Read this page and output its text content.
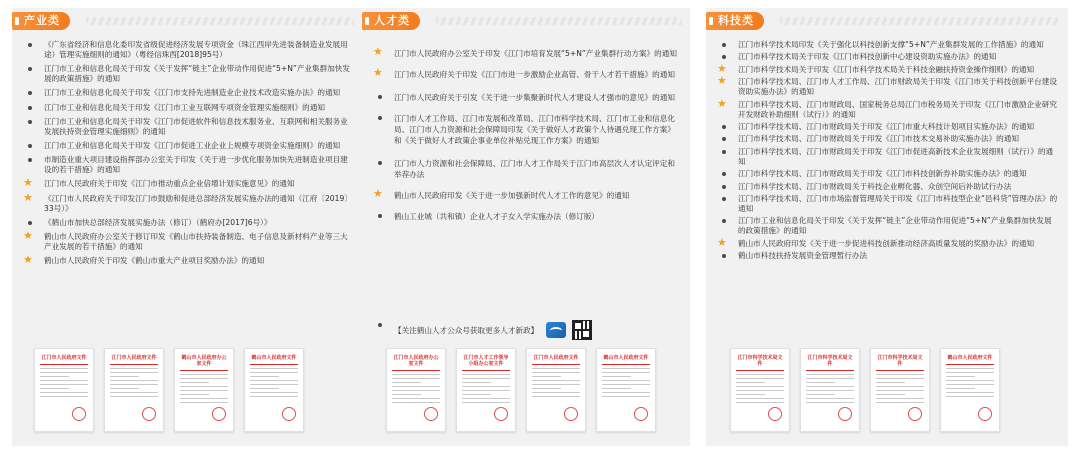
产业类
《广东省经济和信息化委印发省级促进经济发展专项资金（珠江西岸先进装备制造业发展用途）管理实施细则的通知》（粤经信珠西[2018]95号）
江门市工业和信息化局关于印发《关于发挥“链主”企业带动作用促进“5+N”产业集群加快发展的政策措施》的通知
江门市工业和信息化局关于印发《江门市支持先进制造业企业技术改造实施办法》的通知
江门市工业和信息化局关于印发《江门市工业互联网专项资金管理实施细则》的通知
江门市工业和信息化局关于印发《江门市促进软件和信息技术服务业、互联网和相关服务业发展扶持资金管理实施细则》的通知
江门市工业和信息化局关于印发《江门市促进工业企业上规模专项资金实施细则》的通知
市制造业重大项目建设指挥部办公室关于印发《关于进一步优化服务加快先进制造业项目建设的若干措施》的通知
★ 江门市人民政府关于印发《江门市推动重点企业倍增计划实施意见》的通知
★ 《江门市人民政府关于印发江门市鼓励和促进总部经济发展实施办法的通知（江府〔2019〕33号）》
《鹤山市加快总部经济发展实施办法（修订）（鹤府办[2017]6号）》
★ 鹤山市人民政府办公室关于修订印发《鹤山市扶持装备制造、电子信息及新材料产业等三大产业发展的若干措施》的通知
★ 鹤山市人民政府关于印发《鹤山市重大产业项目奖励办法》的通知
江门市人民政府文件	江门市人民政府文件	鹤山市人民政府办公室文件
鹤山市人民政府文件
人才类
★ 江门市人民政府办公室关于印发《江门市培育发展“5+N”产业集群行动方案》的通知
★ 江门市人民政府关于印发《江门市进一步激励企业高管、骨干人才若干措施》的通知
江门市人民政府关于引发《关于进一步集聚新时代人才建设人才强市的意见》的通知
江门市人才工作局、江门市发展和改革局、江门市科学技术局、江门市工业和信息化局、江门市人力资源和社会保障局印发《关于做好人才政策个人待遇兑现工作方案》和《关于做好人才政策企事业单位补贴兑现工作方案》的通知
江门市人力资源和社会保障局、江门市人才工作局关于江门市高层次人才认定评定和举荐办法
★ 鹤山市人民政府印发《关于进一步加强新时代人才工作的意见》的通知
鹤山工业城（共和镇）企业人才子女入学实施办法（修订版）
【关注鹤山人才公众号获取更多人才新政】
江门市人民政府办公室文件
江门市人才工作领导小组办公室文件
江门市人民政府文件	鹤山市人民政府文件
科技类
江门市科学技术局印发《关于强化以科技创新支撑“5+N”产业集群发展的工作措施》的通知
江门市科学技术局关于印发《江门市科技创新中心建设资助实施办法》的通知
★ 江门市科学技术局关于印发《江门市科学技术局关于科技金融扶持资金操作细则》的通知
★ 江门市科学技术局、江门市人才工作局、江门市财政局关于印发《江门市关于科技创新平台建设资助实施办法》的通知
★ 江门市科学技术局、江门市财政局、国家税务总局江门市税务局关于印发《江门市激励企业研究开发财政补助细则（试行）》的通知
江门市科学技术局、江门市财政局关于印发《江门市重大科技计划项目实施办法》的通知
江门市科学技术局、江门市财政局关于印发《江门市技术交易补助实施办法》的通知
江门市科学技术局、江门市财政局关于印发《江门市促进高新技术企业发展细则（试行）》的通知
江门市科学技术局、江门市财政局关于印发《江门市科技创新券补助实施办法》的通知
江门市科学技术局、江门市财政局关于科技企业孵化器、众创空间后补助试行办法
江门市科学技术局、江门市市场监督管理局关于印发《江门市科技型企业“邑科贷”管理办法》的通知
江门市工业和信息化局关于印发《关于发挥“链主”企业带动作用促进“5+N”产业集群加快发展的政策措施》的通知
★ 鹤山市人民政府印发《关于进一步促进科技创新推动经济高质量发展的奖励办法》的通知
鹤山市科技扶持发展资金管理暂行办法
江门市科学技术局文件
江门市科学技术局文件
江门市科学技术局文件
鹤山市人民政府文件
